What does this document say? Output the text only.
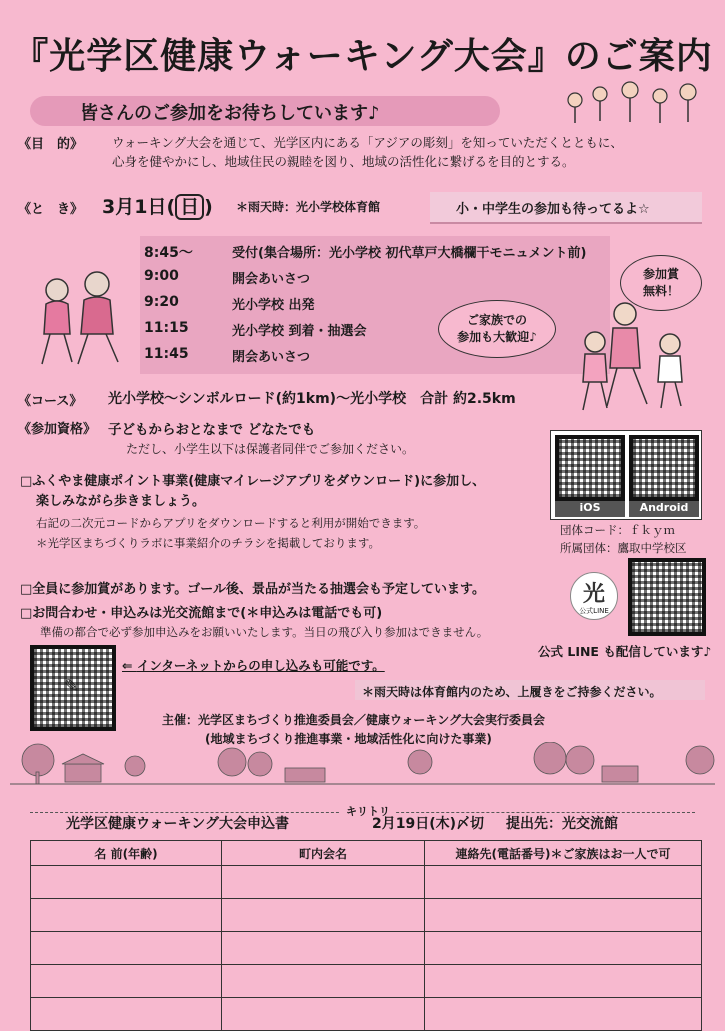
『光学区健康ウォーキング大会』のご案内
皆さんのご参加をお待ちしています♪
《目　的》 ウォーキング大会を通じて、光学区内にある「アジアの彫刻」を知っていただくとともに、
心身を健やかにし、地域住民の親睦を図り、地域の活性化に繋げるを目的とする。
《と　き》 3月1日( 日 ) ＊雨天時：光小学校体育館	小・中学生の参加も待ってるよ☆
8:45～	受付(集合場所：光小学校 初代草戸大橋欄干モニュメント前)
9:00	開会あいさつ
9:20	光小学校 出発
11:15	光小学校 到着・抽選会
11:45	閉会あいさつ
参加賞
無料！
ご家族での
参加も大歓迎♪
《コース》 光小学校～シンボルロード(約1km)～光小学校　合計 約2.5km
《参加資格》 子どもからおとなまで どなたでも
ただし、小学生以下は保護者同伴でご参加ください。
□ふくやま健康ポイント事業(健康マイレージアプリをダウンロード)に参加し、
楽しみながら歩きましょう。
右記の二次元コードからアプリをダウンロードすると利用が開始できます。
＊光学区まちづくりラボに事業紹介のチラシを掲載しております。
iOS	Android
団体コード：ｆｋｙｍ
所属団体：鷹取中学校区
□全員に参加賞があります。ゴール後、景品が当たる抽選会も予定しています。
□お問合わせ・申込みは光交流館まで(＊申込みは電話でも可)
準備の都合で必ず参加申込みをお願いいたします。当日の飛び入り参加はできません。
光
公式LINE
公式 LINE も配信しています♪
✎
⇐ インターネットからの申し込みも可能です。
＊雨天時は体育館内のため、上履きをご持参ください。
主催：光学区まちづくり推進委員会／健康ウォーキング大会実行委員会
(地域まちづくり推進事業・地域活性化に向けた事業)
キリトリ
光学区健康ウォーキング大会申込書	2月19日(木)〆切 提出先：光交流館
名 前(年齢)	町内会名	連絡先(電話番号)＊ご家族はお一人で可
